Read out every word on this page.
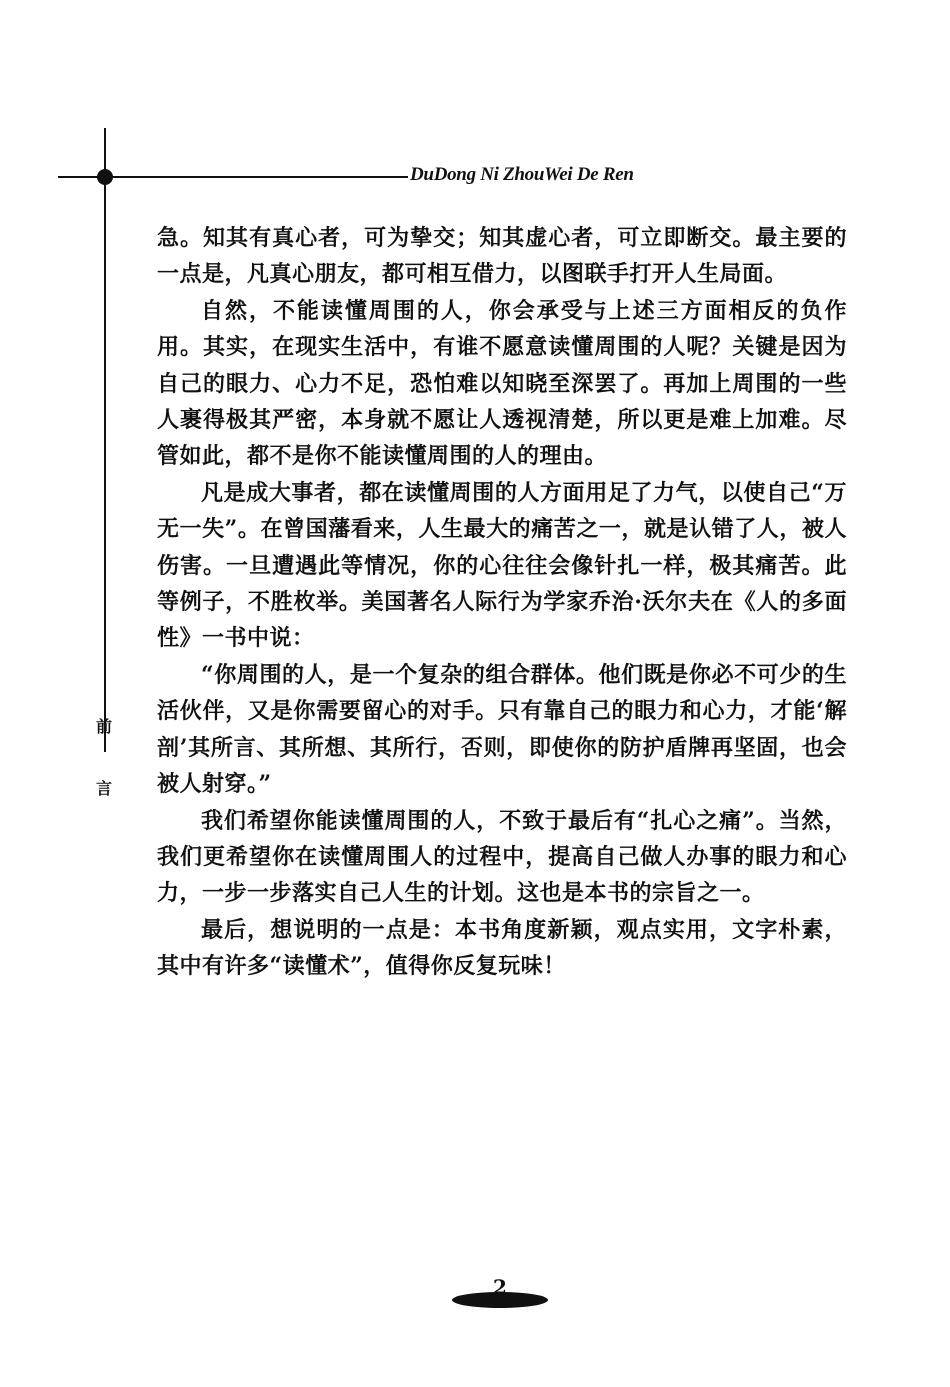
DuDong Ni ZhouWei De Ren
前
言

急。知其有真心者，可为挚交；知其虚心者，可立即断交。最主要的一点是，凡真心朋友，都可相互借力，以图联手打开人生局面。

自然，不能读懂周围的人，你会承受与上述三方面相反的负作用。其实，在现实生活中，有谁不愿意读懂周围的人呢？关键是因为自己的眼力、心力不足，恐怕难以知晓至深罢了。再加上周围的一些人裹得极其严密，本身就不愿让人透视清楚，所以更是难上加难。尽管如此，都不是你不能读懂周围的人的理由。

凡是成大事者，都在读懂周围的人方面用足了力气，以使自己“万无一失”。在曾国藩看来，人生最大的痛苦之一，就是认错了人，被人伤害。一旦遭遇此等情况，你的心往往会像针扎一样，极其痛苦。此等例子，不胜枚举。美国著名人际行为学家乔治·沃尔夫在《人的多面性》一书中说：

“你周围的人，是一个复杂的组合群体。他们既是你必不可少的生活伙伴，又是你需要留心的对手。只有靠自己的眼力和心力，才能‘解剖’其所言、其所想、其所行，否则，即使你的防护盾牌再坚固，也会被人射穿。”

我们希望你能读懂周围的人，不致于最后有“扎心之痛”。当然，我们更希望你在读懂周围人的过程中，提高自己做人办事的眼力和心力，一步一步落实自己人生的计划。这也是本书的宗旨之一。

最后，想说明的一点是：本书角度新颖，观点实用，文字朴素，其中有许多“读懂术”，值得你反复玩味！

2
